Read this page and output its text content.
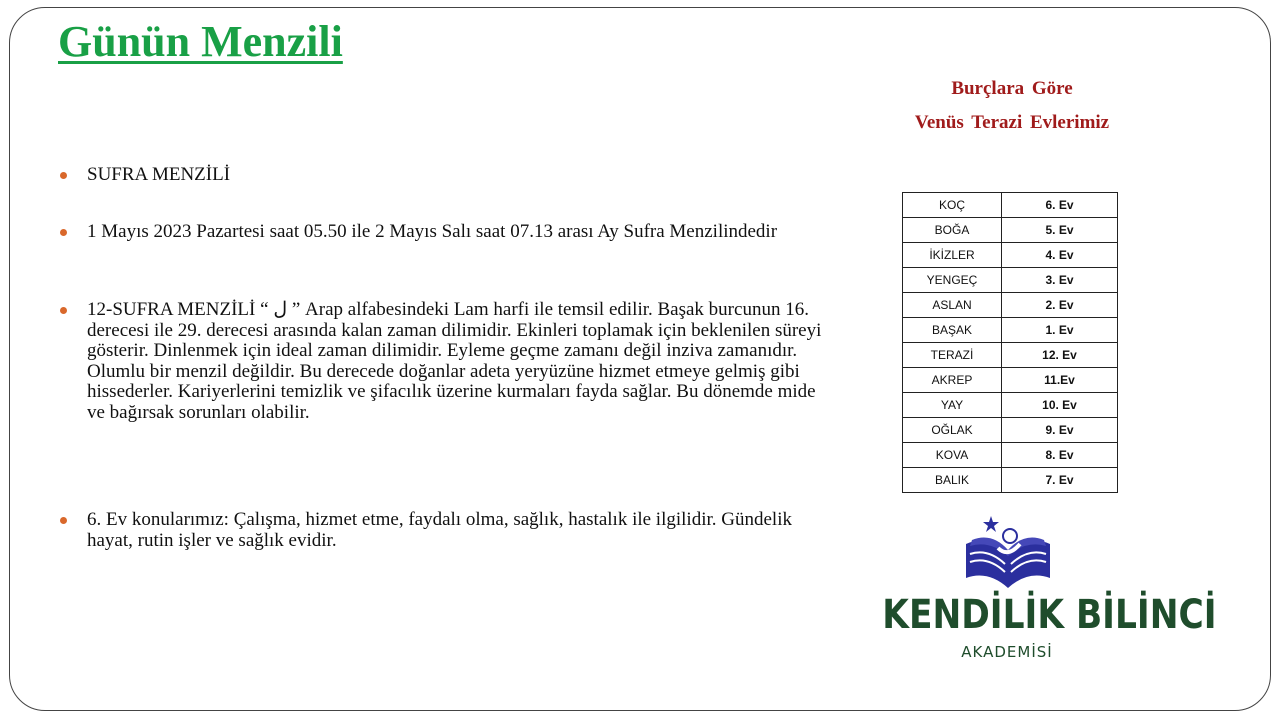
Günün Menzili
Burçlara Göre
Venüs Terazi Evlerimiz
SUFRA MENZİLİ
1 Mayıs 2023 Pazartesi saat 05.50 ile 2 Mayıs Salı saat 07.13 arası Ay Sufra Menzilindedir
12-SUFRA MENZİLİ “ ل ” Arap alfabesindeki Lam harfi ile temsil edilir. Başak burcunun 16. derecesi ile 29. derecesi arasında kalan zaman dilimidir. Ekinleri toplamak için beklenilen süreyi gösterir. Dinlenmek için ideal zaman dilimidir. Eyleme geçme zamanı değil inziva zamanıdır. Olumlu bir menzil değildir. Bu derecede doğanlar adeta yeryüzüne hizmet etmeye gelmiş gibi hissederler. Kariyerlerini temizlik ve şifacılık üzerine kurmaları fayda sağlar. Bu dönemde mide ve bağırsak sorunları olabilir.
6. Ev konularımız: Çalışma, hizmet etme, faydalı olma, sağlık, hastalık ile ilgilidir. Gündelik hayat, rutin işler ve sağlık evidir.
KOÇ	6. Ev
BOĞA	5. Ev
İKİZLER	4. Ev
YENGEÇ	3. Ev
ASLAN	2. Ev
BAŞAK	1. Ev
TERAZİ	12. Ev
AKREP	11.Ev
YAY	10. Ev
OĞLAK	9. Ev
KOVA	8. Ev
BALIK	7. Ev
KENDİLİK BİLİNCİ
AKADEMİSİ
